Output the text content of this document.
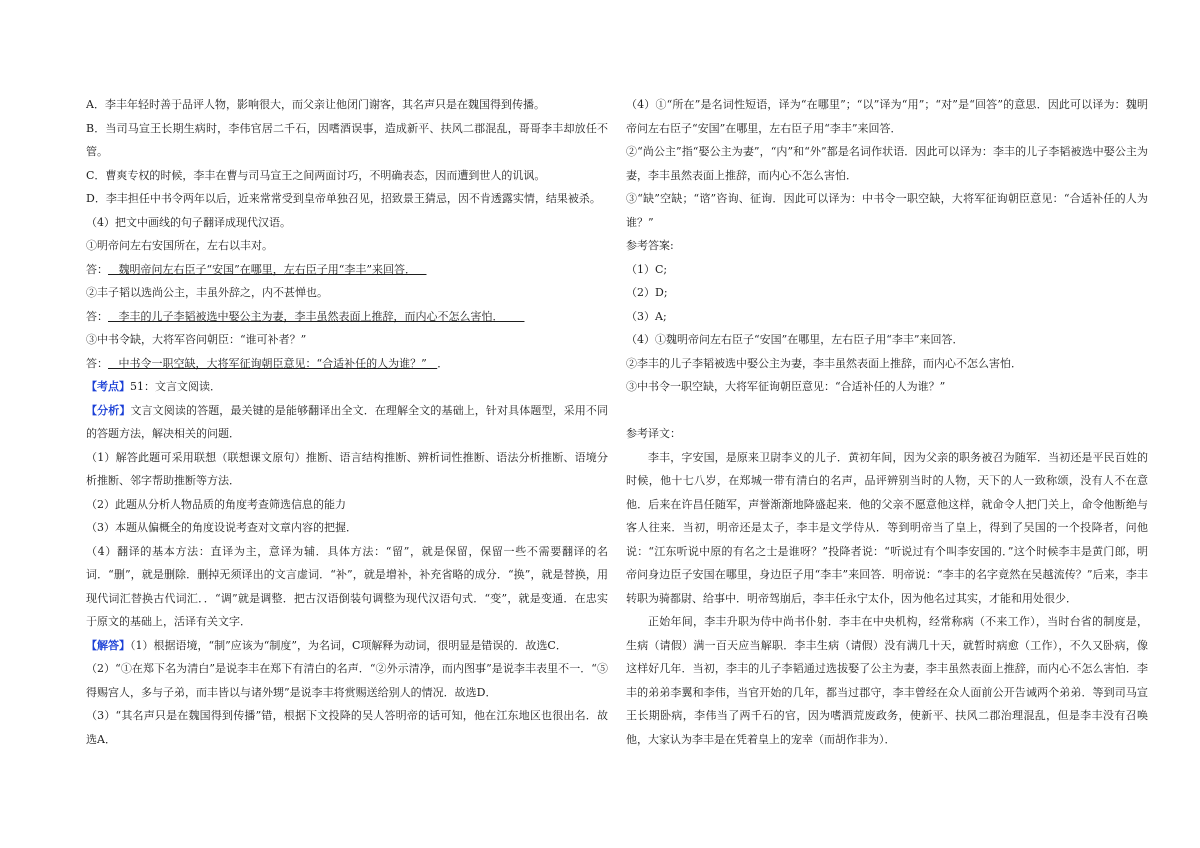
A．李丰年轻时善于品评人物，影响很大，而父亲让他闭门谢客，其名声只是在魏国得到传播。
B．当司马宣王长期生病时，李伟官居二千石，因嗜酒误事，造成新平、扶风二郡混乱，哥哥李丰却放任不管。
C．曹爽专权的时候，李丰在曹与司马宣王之间两面讨巧，不明确表态，因而遭到世人的讥讽。
D．李丰担任中书令两年以后，近来常常受到皇帝单独召见，招致景王猜忌，因不肯透露实情，结果被杀。
（4）把文中画线的句子翻译成现代汉语。
①明帝问左右安国所在，左右以丰对。
答：   魏明帝问左右臣子“安国”在哪里，左右臣子用“李丰”来回答．
②丰子韬以选尚公主，丰虽外辞之，内不甚惮也。
答：   李丰的儿子李韬被选中娶公主为妻，李丰虽然表面上推辞，而内心不怎么害怕．
③中书令缺，大将军咨问朝臣：“谁可补者？”
答：   中书令一职空缺，大将军征询朝臣意见：“合适补任的人为谁？”   ．
【考点】51：文言文阅读．
【分析】文言文阅读的答题，最关键的是能够翻译出全文．在理解全文的基础上，针对具体题型，采用不同的答题方法，解决相关的问题．
（1）解答此题可采用联想（联想课文原句）推断、语言结构推断、辨析词性推断、语法分析推断、语境分析推断、邻字帮助推断等方法．
（2）此题从分析人物品质的角度考查筛选信息的能力
（3）本题从偏概全的角度设说考查对文章内容的把握．
（4）翻译的基本方法：直译为主，意译为辅．具体方法：“留”，就是保留，保留一些不需要翻译的名词．“删”，就是删除．删掉无须译出的文言虚词．“补”，就是增补，补充省略的成分．“换”，就是替换，用现代词汇替换古代词汇．．“调”就是调整．把古汉语倒装句调整为现代汉语句式．“变”，就是变通．在忠实于原文的基础上，活译有关文字．
【解答】（1）根据语境，“制”应该为“制度”，为名词，C项解释为动词，很明显是错误的．故选C．
（2）“①在郑下名为清白”是说李丰在郑下有清白的名声．“②外示清净，而内图事”是说李丰表里不一．“⑤得赐宫人，多与子弟，而丰皆以与诸外甥”是说李丰将赏赐送给别人的情况．故选D．
（3）“其名声只是在魏国得到传播”错，根据下文投降的吴人答明帝的话可知，他在江东地区也很出名．故选A．
（4）①“所在”是名词性短语，译为“在哪里”；“以”译为“用”；“对”是“回答”的意思．因此可以译为：魏明帝问左右臣子“安国”在哪里，左右臣子用“李丰”来回答．
②“尚公主”指“娶公主为妻”，“内”和“外”都是名词作状语．因此可以译为：李丰的儿子李韬被选中娶公主为妻，李丰虽然表面上推辞，而内心不怎么害怕．
③“缺”空缺；“谘”咨询、征询．因此可以译为：中书令一职空缺，大将军征询朝臣意见：“合适补任的人为谁？”
参考答案:
（1）C;
（2）D;
（3）A;
（4）①魏明帝问左右臣子“安国”在哪里，左右臣子用“李丰”来回答．
②李丰的儿子李韬被选中娶公主为妻，李丰虽然表面上推辞，而内心不怎么害怕．
③中书令一职空缺，大将军征询朝臣意见：“合适补任的人为谁？”
参考译文：
李丰，字安国，是原来卫尉李义的儿子．黄初年间，因为父亲的职务被召为随军．当初还是平民百姓的时候，他十七八岁，在郑城一带有清白的名声，品评辨别当时的人物，天下的人一致称颂，没有人不在意他．后来在许昌任随军，声誉渐渐地降盛起来．他的父亲不愿意他这样，就命令人把门关上，命令他断绝与客人往来．当初，明帝还是太子，李丰是文学侍从．等到明帝当了皇上，得到了吴国的一个投降者，问他说：“江东听说中原的有名之士是谁呀？”投降者说：“听说过有个叫李安国的．”这个时候李丰是黄门郎，明帝问身边臣子安国在哪里，身边臣子用“李丰”来回答．明帝说：“李丰的名字竟然在吴越流传？”后来，李丰转职为骑都尉、给事中．明帝驾崩后，李丰任永宁太仆，因为他名过其实，才能和用处很少．
正始年间，李丰升职为侍中尚书仆射．李丰在中央机构，经常称病（不来工作），当时台省的制度是，生病（请假）满一百天应当解职．李丰生病（请假）没有满几十天，就暂时病愈（工作），不久又卧病，像这样好几年．当初，李丰的儿子李韬通过选拔娶了公主为妻，李丰虽然表面上推辞，而内心不怎么害怕．李丰的弟弟李翼和李伟，当官开始的几年，都当过郡守，李丰曾经在众人面前公开告诫两个弟弟．等到司马宣王长期卧病，李伟当了两千石的官，因为嗜酒荒废政务，使新平、扶风二郡治理混乱，但是李丰没有召唤他，大家认为李丰是在凭着皇上的宠幸（而胡作非为）．
